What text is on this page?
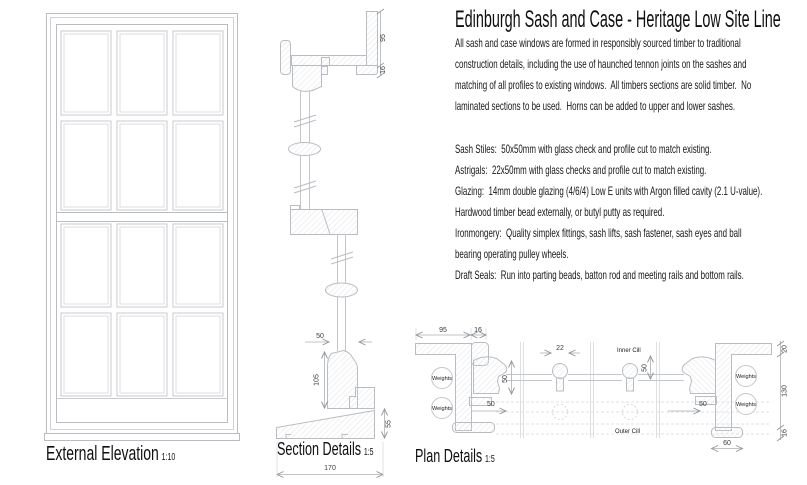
95
16
50
105
55
170
95	16
22
50
50
50	50
20
130
16
60
Weights
Weights
Weights
Weights
Inner Cill
Outer Cill
Edinburgh Sash and Case - Heritage Low Site Line
All sash and case windows are formed in responsibly sourced timber to traditional
construction details, including the use of haunched tennon joints on the sashes and
matching of all profiles to existing windows.  All timbers sections are solid timber.  No
laminated sections to be used.  Horns can be added to upper and lower sashes.
Sash Stiles:  50x50mm with glass check and profile cut to match existing.
Astrigals:  22x50mm with glass checks and profile cut to match existing.
Glazing:  14mm double glazing (4/6/4) Low E units with Argon filled cavity (2.1 U-value).
Hardwood timber bead externally, or butyl putty as required.
Ironmongery:  Quality simplex fittings, sash lifts, sash fastener, sash eyes and ball
bearing operating pulley wheels.
Draft Seals:  Run into parting beads, batton rod and meeting rails and bottom rails.
External Elevation 1:10	Section Details 1:5	Plan Details 1:5
